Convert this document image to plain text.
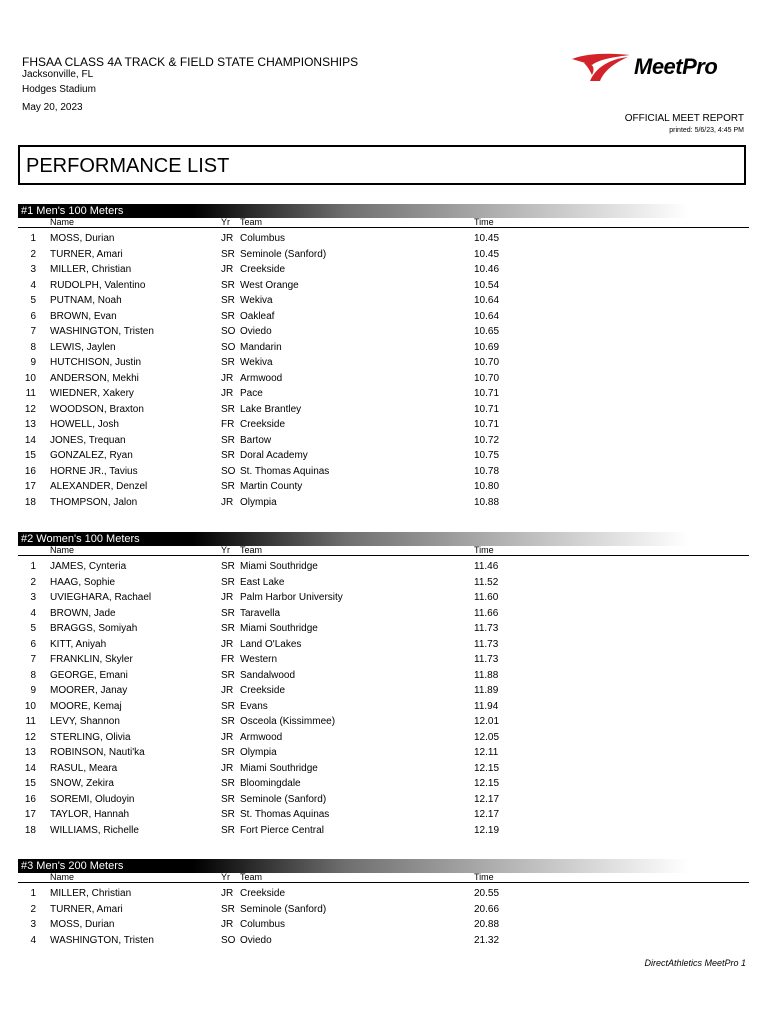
FHSAA CLASS 4A TRACK & FIELD STATE CHAMPIONSHIPS
Jacksonville, FL
Hodges Stadium
May 20, 2023
MeetPro
OFFICIAL MEET REPORT
printed: 5/6/23, 4:45 PM
PERFORMANCE LIST
#1 Men's 100 Meters
Name	Yr Team	Time
1 MOSS, Durian	JR Columbus	10.45
2 TURNER, Amari	SR Seminole (Sanford)	10.45
3 MILLER, Christian	JR Creekside	10.46
4 RUDOLPH, Valentino	SR West Orange	10.54
5 PUTNAM, Noah	SR Wekiva	10.64
6 BROWN, Evan	SR Oakleaf	10.64
7 WASHINGTON, Tristen	SO Oviedo	10.65
8 LEWIS, Jaylen	SO Mandarin	10.69
9 HUTCHISON, Justin	SR Wekiva	10.70
10 ANDERSON, Mekhi	JR Armwood	10.70
11 WIEDNER, Xakery	JR Pace	10.71
12 WOODSON, Braxton	SR Lake Brantley	10.71
13 HOWELL, Josh	FR Creekside	10.71
14 JONES, Trequan	SR Bartow	10.72
15 GONZALEZ, Ryan	SR Doral Academy	10.75
16 HORNE JR., Tavius	SO St. Thomas Aquinas	10.78
17 ALEXANDER, Denzel	SR Martin County	10.80
18 THOMPSON, Jalon	JR Olympia	10.88
#2 Women's 100 Meters
Name	Yr Team	Time
1 JAMES, Cynteria	SR Miami Southridge	11.46
2 HAAG, Sophie	SR East Lake	11.52
3 UVIEGHARA, Rachael	JR Palm Harbor University	11.60
4 BROWN, Jade	SR Taravella	11.66
5 BRAGGS, Somiyah	SR Miami Southridge	11.73
6 KITT, Aniyah	JR Land O'Lakes	11.73
7 FRANKLIN, Skyler	FR Western	11.73
8 GEORGE, Emani	SR Sandalwood	11.88
9 MOORER, Janay	JR Creekside	11.89
10 MOORE, Kemaj	SR Evans	11.94
11 LEVY, Shannon	SR Osceola (Kissimmee)	12.01
12 STERLING, Olivia	JR Armwood	12.05
13 ROBINSON, Nauti'ka	SR Olympia	12.11
14 RASUL, Meara	JR Miami Southridge	12.15
15 SNOW, Zekira	SR Bloomingdale	12.15
16 SOREMI, Oludoyin	SR Seminole (Sanford)	12.17
17 TAYLOR, Hannah	SR St. Thomas Aquinas	12.17
18 WILLIAMS, Richelle	SR Fort Pierce Central	12.19
#3 Men's 200 Meters
Name	Yr Team	Time
1 MILLER, Christian	JR Creekside	20.55
2 TURNER, Amari	SR Seminole (Sanford)	20.66
3 MOSS, Durian	JR Columbus	20.88
4 WASHINGTON, Tristen	SO Oviedo	21.32
DirectAthletics MeetPro 1
